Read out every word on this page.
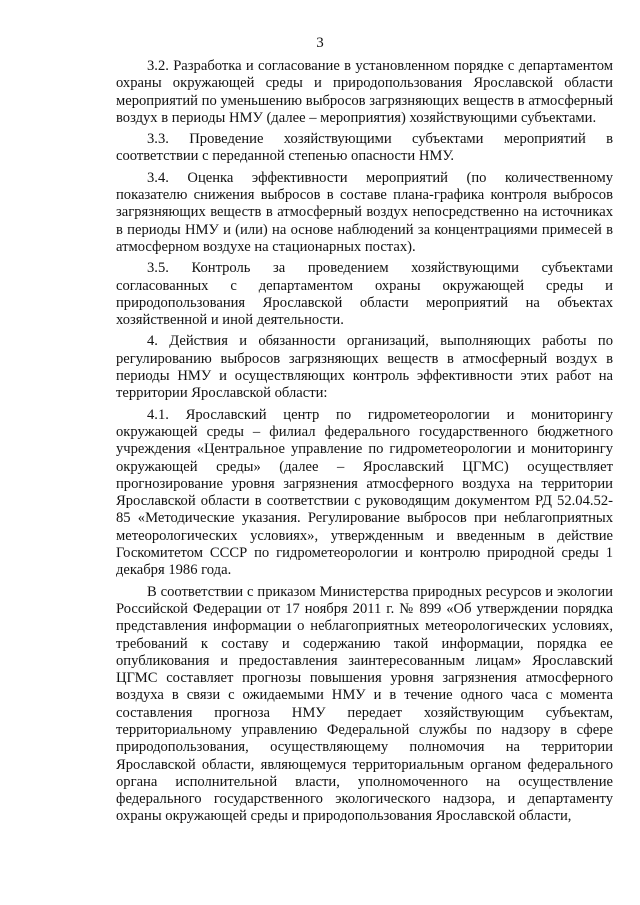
3

3.2. Разработка и согласование в установленном порядке с департаментом охраны окружающей среды и природопользования Ярославской области мероприятий по уменьшению выбросов загрязняющих веществ в атмосферный воздух в периоды НМУ (далее – мероприятия) хозяйствующими субъектами.

3.3. Проведение хозяйствующими субъектами мероприятий в соответствии с переданной степенью опасности НМУ.

3.4. Оценка эффективности мероприятий (по количественному показателю снижения выбросов в составе плана-графика контроля выбросов загрязняющих веществ в атмосферный воздух непосредственно на источниках в периоды НМУ и (или) на основе наблюдений за концентрациями примесей в атмосферном воздухе на стационарных постах).

3.5. Контроль за проведением хозяйствующими субъектами согласованных с департаментом охраны окружающей среды и природопользования Ярославской области мероприятий на объектах хозяйственной и иной деятельности.

4. Действия и обязанности организаций, выполняющих работы по регулированию выбросов загрязняющих веществ в атмосферный воздух в периоды НМУ и осуществляющих контроль эффективности этих работ на территории Ярославской области:

4.1. Ярославский центр по гидрометеорологии и мониторингу окружающей среды – филиал федерального государственного бюджетного учреждения «Центральное управление по гидрометеорологии и мониторингу окружающей среды» (далее – Ярославский ЦГМС) осуществляет прогнозирование уровня загрязнения атмосферного воздуха на территории Ярославской области в соответствии с руководящим документом РД 52.04.52-85 «Методические указания. Регулирование выбросов при неблагоприятных метеорологических условиях», утвержденным и введенным в действие Госкомитетом СССР по гидрометеорологии и контролю природной среды 1 декабря 1986 года.

В соответствии с приказом Министерства природных ресурсов и экологии Российской Федерации от 17 ноября 2011 г. № 899 «Об утверждении порядка представления информации о неблагоприятных метеорологических условиях, требований к составу и содержанию такой информации, порядка ее опубликования и предоставления заинтересованным лицам» Ярославский ЦГМС составляет прогнозы повышения уровня загрязнения атмосферного воздуха в связи с ожидаемыми НМУ и в течение одного часа с момента составления прогноза НМУ передает хозяйствующим субъектам, территориальному управлению Федеральной службы по надзору в сфере природопользования, осуществляющему полномочия на территории Ярославской области, являющемуся территориальным органом федерального органа исполнительной власти, уполномоченного на осуществление федерального государственного экологического надзора, и департаменту охраны окружающей среды и природопользования Ярославской области,
